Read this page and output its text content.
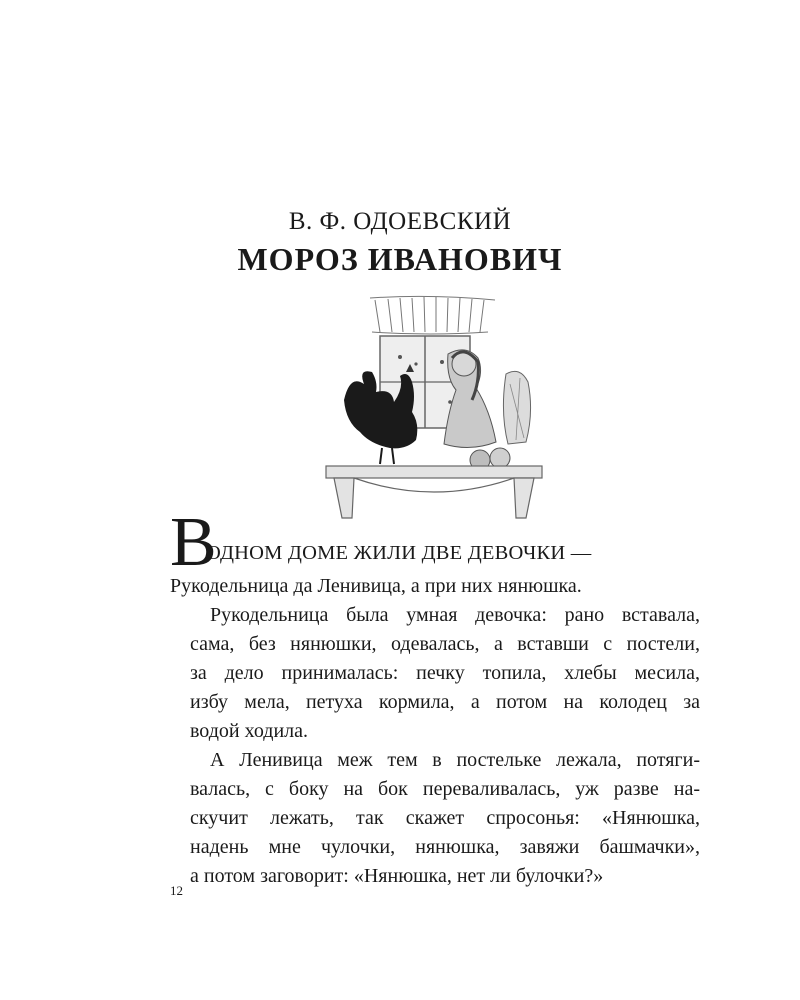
В. Ф. ОДОЕВСКИЙ
МОРОЗ ИВАНОВИЧ
В
ОДНОМ ДОМЕ ЖИЛИ ДВЕ ДЕВОЧКИ —

Рукодельница да Ленивица, а при них нянюшка.

Рукодельница была умная девочка: рано вставала,
сама, без нянюшки, одевалась, а вставши с постели,
за дело принималась: печку топила, хлебы месила,
избу мела, петуха кормила, а потом на колодец за
водой ходила.

А Ленивица меж тем в постельке лежала, потяги-
валась, с боку на бок переваливалась, уж разве на-
скучит лежать, так скажет спросонья: «Нянюшка,
надень мне чулочки, нянюшка, завяжи башмачки»,
а потом заговорит: «Нянюшка, нет ли булочки?»

12
